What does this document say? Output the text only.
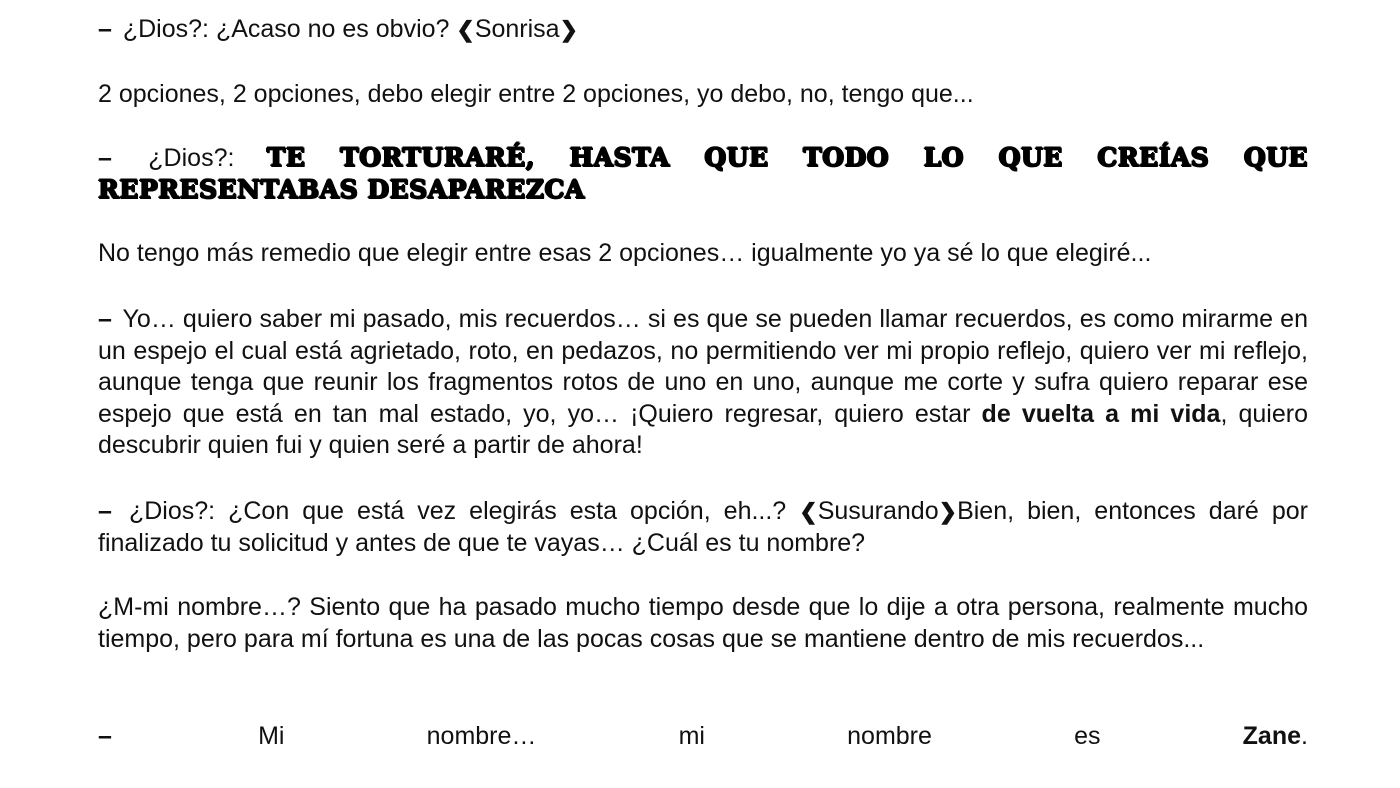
– ¿Dios?: ¿Acaso no es obvio? ❮Sonrisa❯

2 opciones, 2 opciones, debo elegir entre 2 opciones, yo debo, no, tengo que...

– ¿Dios?: TE TORTURARÉ, HASTA QUE TODO LO QUE CREÍAS QUE REPRESENTABAS DESAPAREZCA

No tengo más remedio que elegir entre esas 2 opciones… igualmente yo ya sé lo que elegiré...

– Yo… quiero saber mi pasado, mis recuerdos… si es que se pueden llamar recuerdos, es como mirarme en un espejo el cual está agrietado, roto, en pedazos, no permitiendo ver mi propio reflejo, quiero ver mi reflejo, aunque tenga que reunir los fragmentos rotos de uno en uno, aunque me corte y sufra quiero reparar ese espejo que está en tan mal estado, yo, yo… ¡Quiero regresar, quiero estar de vuelta a mi vida, quiero descubrir quien fui y quien seré a partir de ahora!

– ¿Dios?: ¿Con que está vez elegirás esta opción, eh...? ❮Susurando❯Bien, bien, entonces daré por finalizado tu solicitud y antes de que te vayas… ¿Cuál es tu nombre?

¿M-mi nombre…? Siento que ha pasado mucho tiempo desde que lo dije a otra persona, realmente mucho tiempo, pero para mí fortuna es una de las pocas cosas que se mantiene dentro de mis recuerdos...

–	Mi	nombre…	mi	nombre	es	Zane.
